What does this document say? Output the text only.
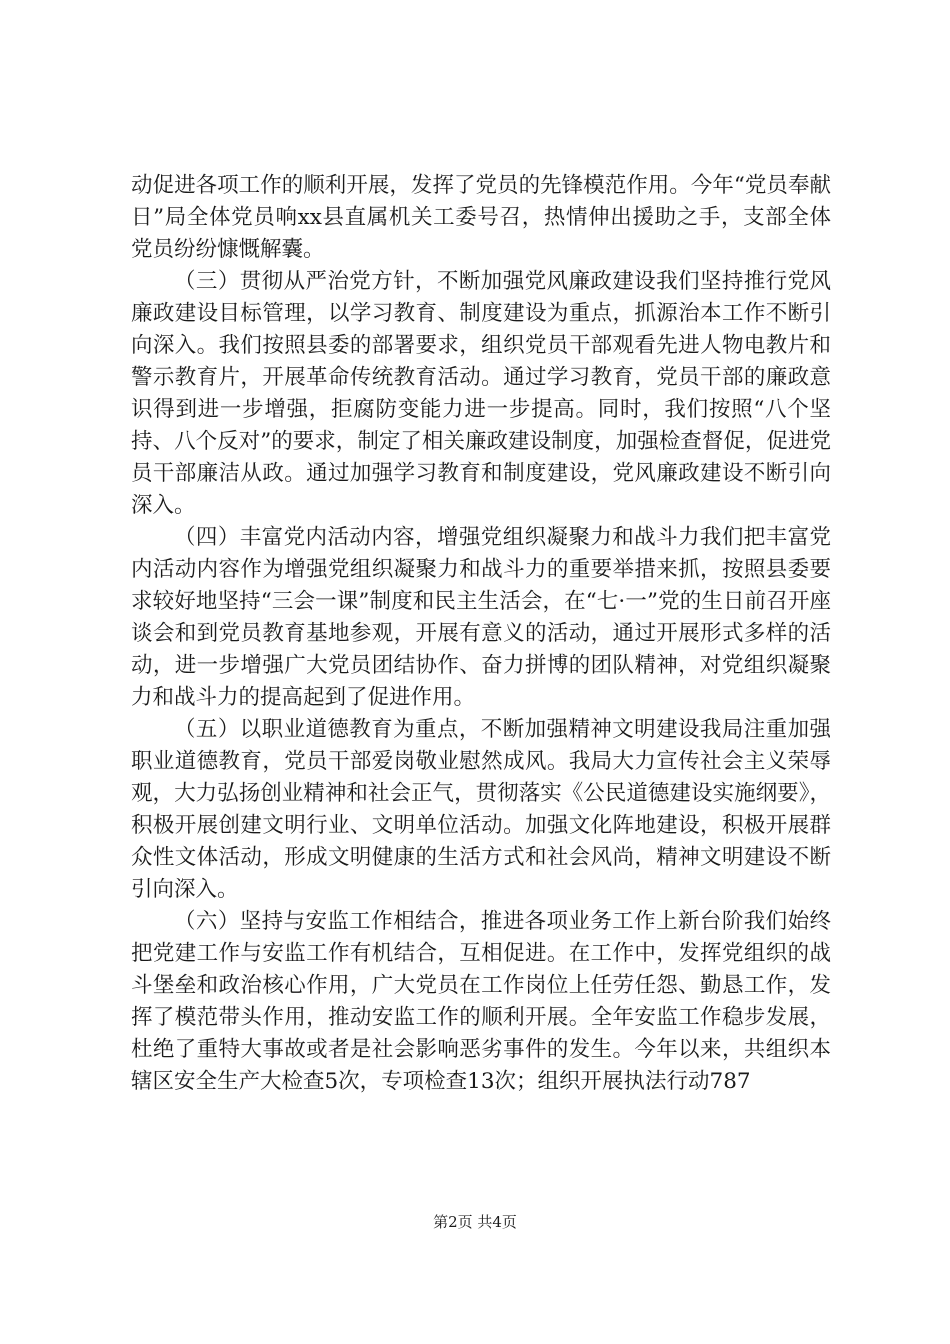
动促进各项工作的顺利开展，发挥了党员的先锋模范作用。今年“党员奉献日”局全体党员响xx县直属机关工委号召，热情伸出援助之手，支部全体党员纷纷慷慨解囊。

（三）贯彻从严治党方针，不断加强党风廉政建设我们坚持推行党风廉政建设目标管理，以学习教育、制度建设为重点，抓源治本工作不断引向深入。我们按照县委的部署要求，组织党员干部观看先进人物电教片和警示教育片，开展革命传统教育活动。通过学习教育，党员干部的廉政意识得到进一步增强，拒腐防变能力进一步提高。同时，我们按照“八个坚持、八个反对”的要求，制定了相关廉政建设制度，加强检查督促，促进党员干部廉洁从政。通过加强学习教育和制度建设，党风廉政建设不断引向深入。

（四）丰富党内活动内容，增强党组织凝聚力和战斗力我们把丰富党内活动内容作为增强党组织凝聚力和战斗力的重要举措来抓，按照县委要求较好地坚持“三会一课”制度和民主生活会，在“七·一”党的生日前召开座谈会和到党员教育基地参观，开展有意义的活动，通过开展形式多样的活动，进一步增强广大党员团结协作、奋力拼博的团队精神，对党组织凝聚力和战斗力的提高起到了促进作用。

（五）以职业道德教育为重点，不断加强精神文明建设我局注重加强职业道德教育，党员干部爱岗敬业慰然成风。我局大力宣传社会主义荣辱观，大力弘扬创业精神和社会正气，贯彻落实《公民道德建设实施纲要》，积极开展创建文明行业、文明单位活动。加强文化阵地建设，积极开展群众性文体活动，形成文明健康的生活方式和社会风尚，精神文明建设不断引向深入。

（六）坚持与安监工作相结合，推进各项业务工作上新台阶我们始终把党建工作与安监工作有机结合，互相促进。在工作中，发挥党组织的战斗堡垒和政治核心作用，广大党员在工作岗位上任劳任怨、勤恳工作，发挥了模范带头作用，推动安监工作的顺利开展。全年安监工作稳步发展，杜绝了重特大事故或者是社会影响恶劣事件的发生。今年以来，共组织本辖区安全生产大检查5次，专项检查13次；组织开展执法行动787

第2页 共4页
